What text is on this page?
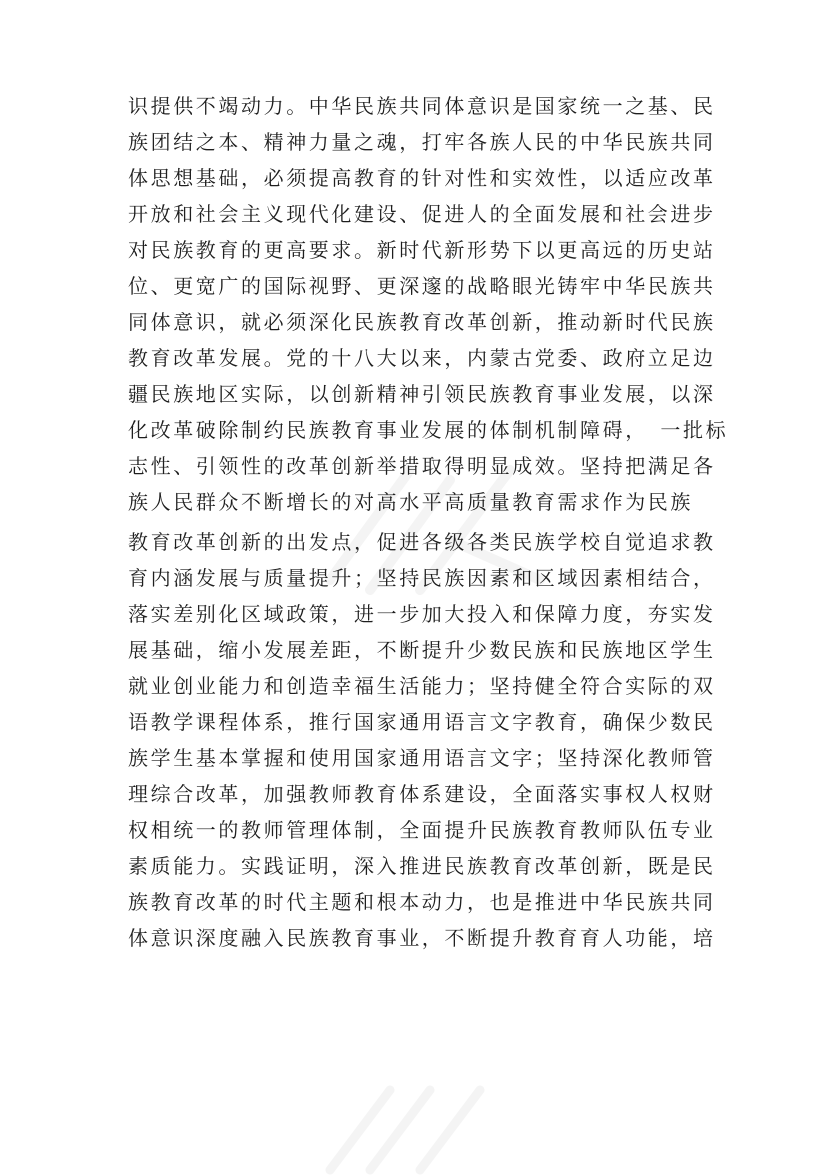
识提供不竭动力。中华民族共同体意识是国家统一之基、民
族团结之本、精神力量之魂，打牢各族人民的中华民族共同
体思想基础，必须提高教育的针对性和实效性，以适应改革
开放和社会主义现代化建设、促进人的全面发展和社会进步
对民族教育的更高要求。新时代新形势下以更高远的历史站
位、更宽广的国际视野、更深邃的战略眼光铸牢中华民族共
同体意识，就必须深化民族教育改革创新，推动新时代民族
教育改革发展。党的十八大以来，内蒙古党委、政府立足边
疆民族地区实际，以创新精神引领民族教育事业发展，以深
化改革破除制约民族教育事业发展的体制机制障碍，　一批标
志性、引领性的改革创新举措取得明显成效。坚持把满足各
族人民群众不断增长的对高水平高质量教育需求作为民族
教育改革创新的出发点，促进各级各类民族学校自觉追求教
育内涵发展与质量提升；坚持民族因素和区域因素相结合，
落实差别化区域政策，进一步加大投入和保障力度，夯实发
展基础，缩小发展差距，不断提升少数民族和民族地区学生
就业创业能力和创造幸福生活能力；坚持健全符合实际的双
语教学课程体系，推行国家通用语言文字教育，确保少数民
族学生基本掌握和使用国家通用语言文字；坚持深化教师管
理综合改革，加强教师教育体系建设，全面落实事权人权财
权相统一的教师管理体制，全面提升民族教育教师队伍专业
素质能力。实践证明，深入推进民族教育改革创新，既是民
族教育改革的时代主题和根本动力，也是推进中华民族共同
体意识深度融入民族教育事业，不断提升教育育人功能，培
